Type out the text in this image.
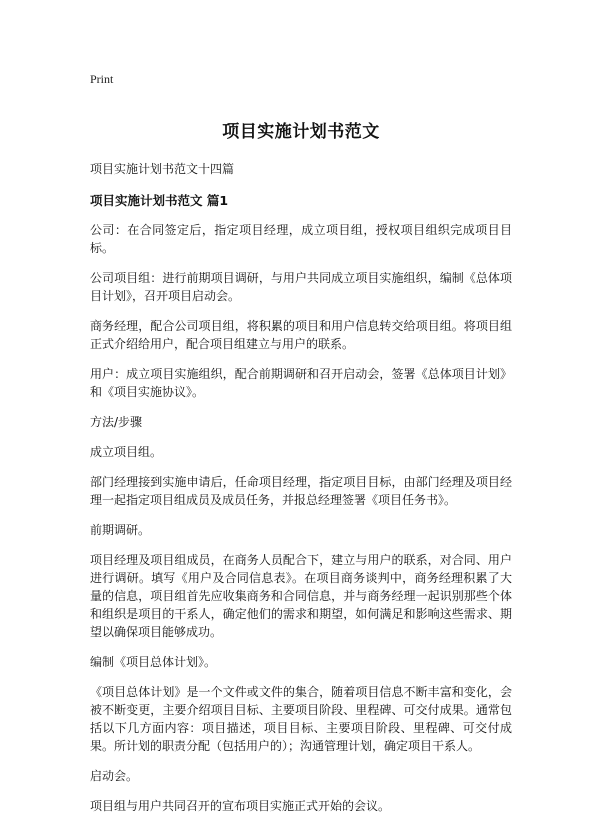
Print
项目实施计划书范文
项目实施计划书范文十四篇
项目实施计划书范文 篇1

公司：在合同签定后，指定项目经理，成立项目组，授权项目组织完成项目目标。

公司项目组：进行前期项目调研，与用户共同成立项目实施组织，编制《总体项目计划》，召开项目启动会。

商务经理，配合公司项目组，将积累的项目和用户信息转交给项目组。将项目组正式介绍给用户，配合项目组建立与用户的联系。

用户：成立项目实施组织，配合前期调研和召开启动会，签署《总体项目计划》和《项目实施协议》。

方法/步骤

成立项目组。

部门经理接到实施申请后，任命项目经理，指定项目目标，由部门经理及项目经理一起指定项目组成员及成员任务，并报总经理签署《项目任务书》。

前期调研。

项目经理及项目组成员，在商务人员配合下，建立与用户的联系，对合同、用户进行调研。填写《用户及合同信息表》。在项目商务谈判中，商务经理积累了大量的信息，项目组首先应收集商务和合同信息，并与商务经理一起识别那些个体和组织是项目的干系人，确定他们的需求和期望，如何满足和影响这些需求、期望以确保项目能够成功。

编制《项目总体计划》。

《项目总体计划》是一个文件或文件的集合，随着项目信息不断丰富和变化，会被不断变更，主要介绍项目目标、主要项目阶段、里程碑、可交付成果。通常包括以下几方面内容：项目描述，项目目标、主要项目阶段、里程碑、可交付成果。所计划的职责分配（包括用户的）；沟通管理计划，确定项目干系人。

启动会。

项目组与用户共同召开的宣布项目实施正式开始的会议。
